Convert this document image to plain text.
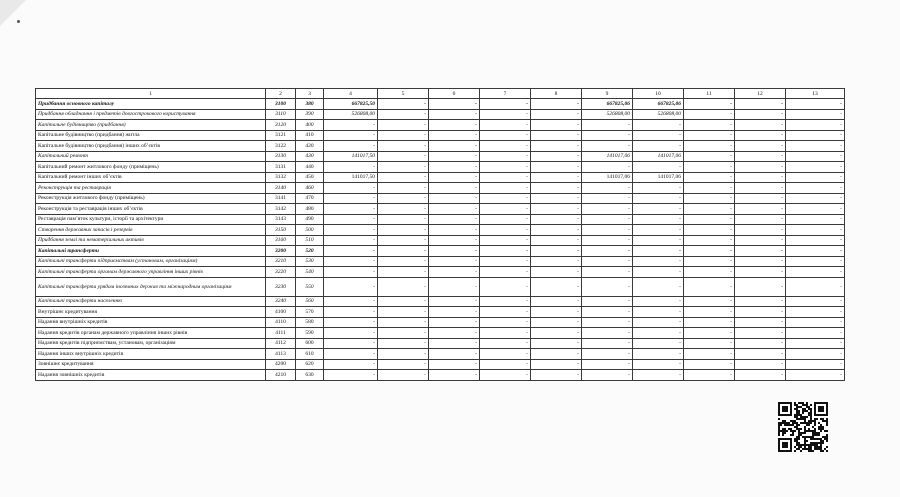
1	2	3	4	5	6	7	8	9	10	11	12	13
Придбання основного капіталу	3100	380	667825,50	-	-	-	-	667825,06	667825,06	-	-	-
Придбання обладнання і предметів довгострокового користування	3110	390	526808,00	-	-	-	-	526808,00	526808,00	-	-	-
Капітальне будівництво (придбання)	3120	400	-	-	-	-	-	-	-	-	-	-
Капітальне будівництво (придбання) житла	3121	410	-	-	-	-	-	-	-	-	-	-
Капітальне будівництво (придбання) інших об’єктів	3122	420	-	-	-	-	-	-	-	-	-	-
Капітальний ремонт	3130	430	141017,50	-	-	-	-	141017,06	141017,06	-	-	-
Капітальний ремонт житлового фонду (приміщень)	3131	440	-	-	-	-	-	-	-	-	-	-
Капітальний ремонт інших об’єктів	3132	450	141017,50	-	-	-	-	141017,06	141017,06	-	-	-
Реконструкція та реставрація	3140	460	-	-	-	-	-	-	-	-	-	-
Реконструкція житлового фонду (приміщень)	3141	470	-	-	-	-	-	-	-	-	-	-
Реконструкція та реставрація інших об’єктів	3142	480	-	-	-	-	-	-	-	-	-	-
Реставрація пам’яток культури, історії та архітектури	3143	490	-	-	-	-	-	-	-	-	-	-
Створення державних запасів і резервів	3150	500	-	-	-	-	-	-	-	-	-	-
Придбання землі та нематеріальних активів	3160	510	-	-	-	-	-	-	-	-	-	-
Капітальні трансферти	3200	520	-	-	-	-	-	-	-	-	-	-
Капітальні трансферти підприємствам (установам, організаціям)	3210	530	-	-	-	-	-	-	-	-	-	-
Капітальні трансферти органам державного управління інших рівнів	3220	540	-	-	-	-	-	-	-	-	-	-
Капітальні трансферти урядам іноземних держав та міжнародним організаціям	3230	550	-	-	-	-	-	-	-	-	-	-
Капітальні трансферти населенню	3240	560	-	-	-	-	-	-	-	-	-	-
Внутрішнє кредитування	4100	570	-	-	-	-	-	-	-	-	-	-
Надання внутрішніх кредитів	4110	580	-	-	-	-	-	-	-	-	-	-
Надання кредитів органам державного управління інших рівнів	4111	590	-	-	-	-	-	-	-	-	-	-
Надання кредитів підприємствам, установам, організаціям	4112	600	-	-	-	-	-	-	-	-	-	-
Надання інших внутрішніх кредитів	4113	610	-	-	-	-	-	-	-	-	-	-
Зовнішнє кредитування	4200	620	-	-	-	-	-	-	-	-	-	-
Надання зовнішніх кредитів	4210	630	-	-	-	-	-	-	-	-	-	-
